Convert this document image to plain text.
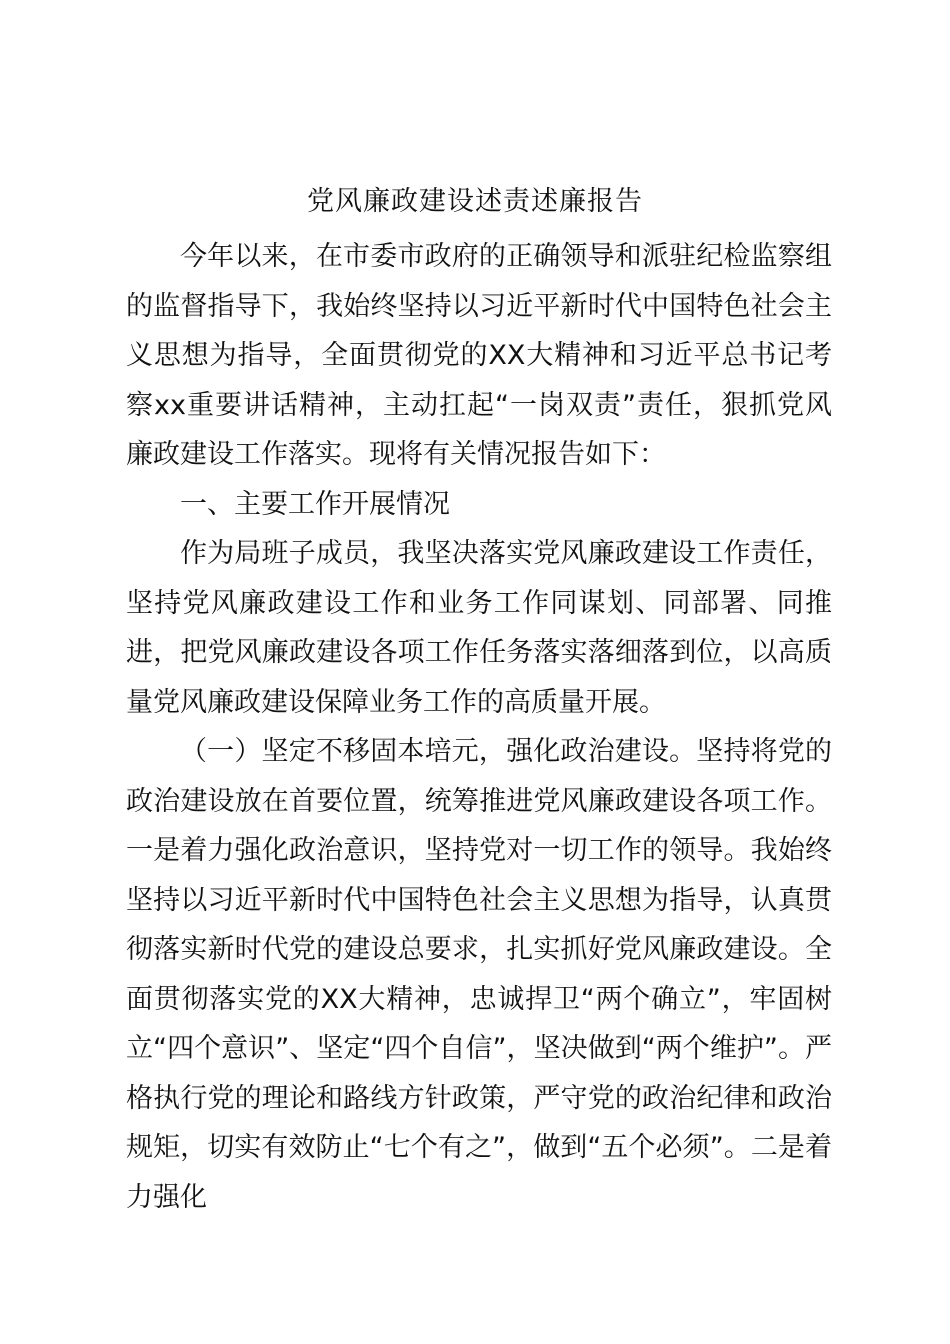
党风廉政建设述责述廉报告

今年以来，在市委市政府的正确领导和派驻纪检监察组的监督指导下，我始终坚持以习近平新时代中国特色社会主义思想为指导，全面贯彻党的XX大精神和习近平总书记考察xx重要讲话精神，主动扛起“一岗双责”责任，狠抓党风廉政建设工作落实。现将有关情况报告如下：

一、主要工作开展情况

作为局班子成员，我坚决落实党风廉政建设工作责任，坚持党风廉政建设工作和业务工作同谋划、同部署、同推进，把党风廉政建设各项工作任务落实落细落到位，以高质量党风廉政建设保障业务工作的高质量开展。

（一）坚定不移固本培元，强化政治建设。坚持将党的政治建设放在首要位置，统筹推进党风廉政建设各项工作。一是着力强化政治意识，坚持党对一切工作的领导。我始终坚持以习近平新时代中国特色社会主义思想为指导，认真贯彻落实新时代党的建设总要求，扎实抓好党风廉政建设。全面贯彻落实党的XX大精神，忠诚捍卫“两个确立”，牢固树立“四个意识”、坚定“四个自信”，坚决做到“两个维护”。严格执行党的理论和路线方针政策，严守党的政治纪律和政治规矩，切实有效防止“七个有之”，做到“五个必须”。二是着力强化
